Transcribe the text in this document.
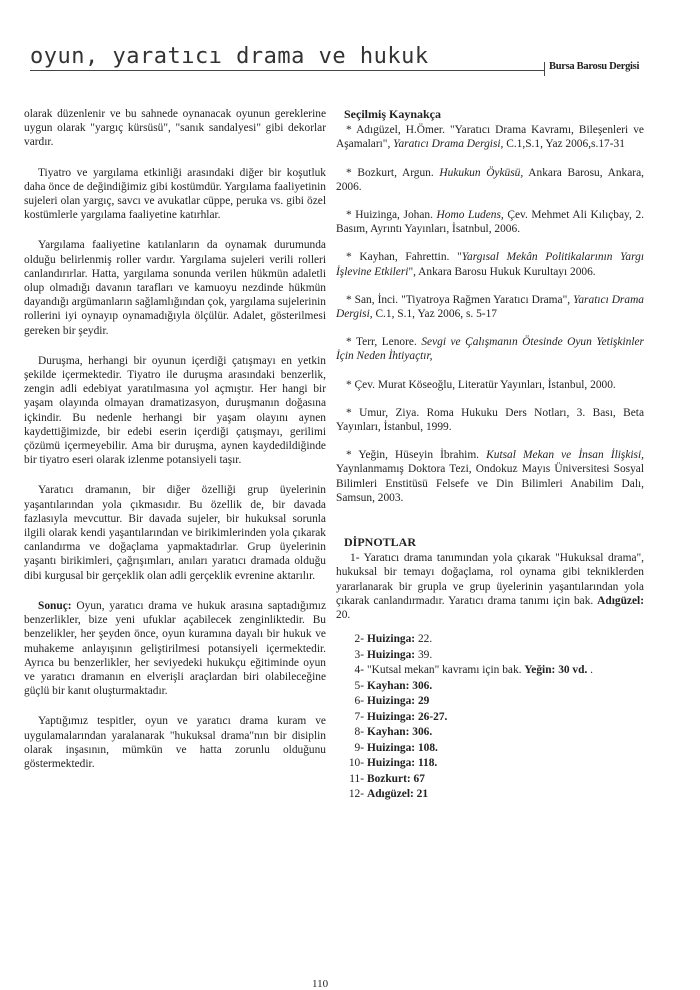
oyun, yaratıcı drama ve hukuk	Bursa Barosu Dergisi

olarak düzenlenir ve bu sahnede oynanacak oyunun gereklerine uygun olarak "yargıç kürsüsü", "sanık sandalyesi" gibi dekorlar vardır.

Tiyatro ve yargılama etkinliği arasındaki diğer bir koşutluk daha önce de değindiğimiz gibi kostümdür. Yargılama faaliyetinin sujeleri olan yargıç, savcı ve avukatlar cüppe, peruka vs. gibi özel kostümlerle yargılama faaliyetine katırhlar.

Yargılama faaliyetine katılanların da oynamak durumunda olduğu belirlenmiş roller vardır. Yargılama sujeleri verili rolleri canlandırırlar. Hatta, yargılama sonunda verilen hükmün adaletli olup olmadığı davanın tarafları ve kamuoyu nezdinde hükmün dayandığı argümanların sağlamlığından çok, yargılama sujelerinin rollerini iyi oynayıp oynamadığıyla ölçülür. Adalet, gösterilmesi gereken bir şeydir.

Duruşma, herhangi bir oyunun içerdiği çatışmayı en yetkin şekilde içermektedir. Tiyatro ile duruşma arasındaki benzerlik, zengin adli edebiyat yaratılmasına yol açmıştır. Her hangi bir yaşam olayında olmayan dramatizasyon, duruşmanın doğasına içkindir. Bu nedenle herhangi bir yaşam olayını aynen kaydettiğimizde, bir edebi eserin içerdiği çatışmayı, gerilimi çözümü içermeyebilir. Ama bir duruşma, aynen kaydedildiğinde bir tiyatro eseri olarak izlenme potansiyeli taşır.

Yaratıcı dramanın, bir diğer özelliği grup üyelerinin yaşantılarından yola çıkmasıdır. Bu özellik de, bir davada fazlasıyla mevcuttur. Bir davada sujeler, bir hukuksal sorunla ilgili olarak kendi yaşantılarından ve birikimlerinden yola çıkarak canlandırma ve doğaçlama yapmaktadırlar. Grup üyelerinin yaşantı birikimleri, çağrışımları, anıları yaratıcı dramada olduğu dibi kurgusal bir gerçeklik olan adli gerçeklik evrenine aktarılır.

Sonuç: Oyun, yaratıcı drama ve hukuk arasına saptadığımız benzerlikler, bize yeni ufuklar açabilecek zenginliktedir. Bu benzelikler, her şeyden önce, oyun kuramına dayalı bir hukuk ve muhakeme anlayışının geliştirilmesi potansiyeli içermektedir. Ayrıca bu benzerlikler, her seviyedeki hukukçu eğitiminde oyun ve yaratıcı dramanın en elverişli araçlardan biri olabileceğine güçlü bir kanıt oluşturmaktadır.

Yaptığımız tespitler, oyun ve yaratıcı drama kuram ve uygulamalarından yaralanarak "hukuksal drama"nın bir disiplin olarak inşasının, mümkün ve hatta zorunlu olduğunu göstermektedir.

Seçilmiş Kaynakça

* Adıgüzel, H.Ömer. "Yaratıcı Drama Kavramı, Bileşenleri ve Aşamaları", Yaratıcı Drama Dergisi, C.1,S.1, Yaz 2006,s.17-31

* Bozkurt, Argun. Hukukun Öyküsü, Ankara Barosu, Ankara, 2006.

* Huizinga, Johan. Homo Ludens, Çev. Mehmet Ali Kılıçbay, 2. Basım, Ayrıntı Yayınları, İsatnbul, 2006.

* Kayhan, Fahrettin. "Yargısal Mekân Politikalarının Yargı İşlevine Etkileri", Ankara Barosu Hukuk Kurultayı 2006.

* San, İnci. "Tiyatroya Rağmen Yaratıcı Drama", Yaratıcı Drama Dergisi, C.1, S.1, Yaz 2006, s. 5-17

* Terr, Lenore. Sevgi ve Çalışmanın Ötesinde Oyun Yetişkinler İçin Neden İhtiyaçtır,

* Çev. Murat Köseoğlu, Literatür Yayınları, İstanbul, 2000.

* Umur, Ziya. Roma Hukuku Ders Notları, 3. Bası, Beta Yayınları, İstanbul, 1999.

* Yeğin, Hüseyin İbrahim. Kutsal Mekan ve İnsan İlişkisi, Yaynlanmamış Doktora Tezi, Ondokuz Mayıs Üniversitesi Sosyal Bilimleri Enstitüsü Felsefe ve Din Bilimleri Anabilim Dalı, Samsun, 2003.

DİPNOTLAR

1- Yaratıcı drama tanımından yola çıkarak "Hukuksal drama", hukuksal bir temayı doğaçlama, rol oynama gibi tekniklerden yararlanarak bir grupla ve grup üyelerinin yaşantılarından yola çıkarak canlandırmadır. Yaratıcı drama tanımı için bak. Adıgüzel: 20.

2- Huizinga: 22.
3- Huizinga: 39.
4- "Kutsal mekan" kavramı için bak. Yeğin: 30 vd. .
5- Kayhan: 306.
6- Huizinga: 29
7- Huizinga: 26-27.
8- Kayhan: 306.
9- Huizinga: 108.
10- Huizinga: 118.
11- Bozkurt: 67
12- Adıgüzel: 21
110
